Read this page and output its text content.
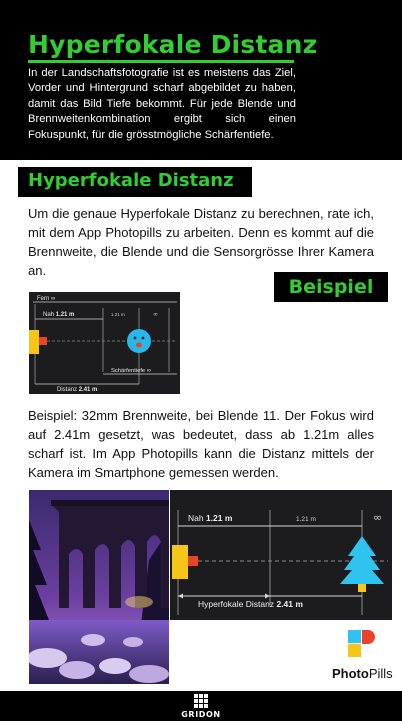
Hyperfokale Distanz

In der Landschaftsfotografie ist es meistens das Ziel, Vorder und Hintergrund scharf abgebildet zu haben, damit das Bild Tiefe bekommt. Für jede Blende und Brennweitenkombination ergibt sich einen Fokuspunkt, für die grösstmögliche Schärfentiefe.

Hyperfokale Distanz

Um die genaue Hyperfokale Distanz zu berechnen, rate ich, mit dem App Photopills zu arbeiten. Denn es kommt auf die Brennweite, die Blende und die Sensorgrösse Ihrer Kamera an.

Beispiel
Fern ∞
Nah 1.21 m	1.21 m	∞
Schärfentiefe ∞
Distanz 2.41 m

Beispiel: 32mm Brennweite, bei Blende 11. Der Fokus wird auf 2.41m gesetzt, was bedeutet, dass ab 1.21m alles scharf ist. Im App Photopills kann die Distanz mittels der Kamera im Smartphone gemessen werden.

Nah 1.21 m	1.21 m	∞
Hyperfokale Distanz 2.41 m
PhotoPills
GRIDON
